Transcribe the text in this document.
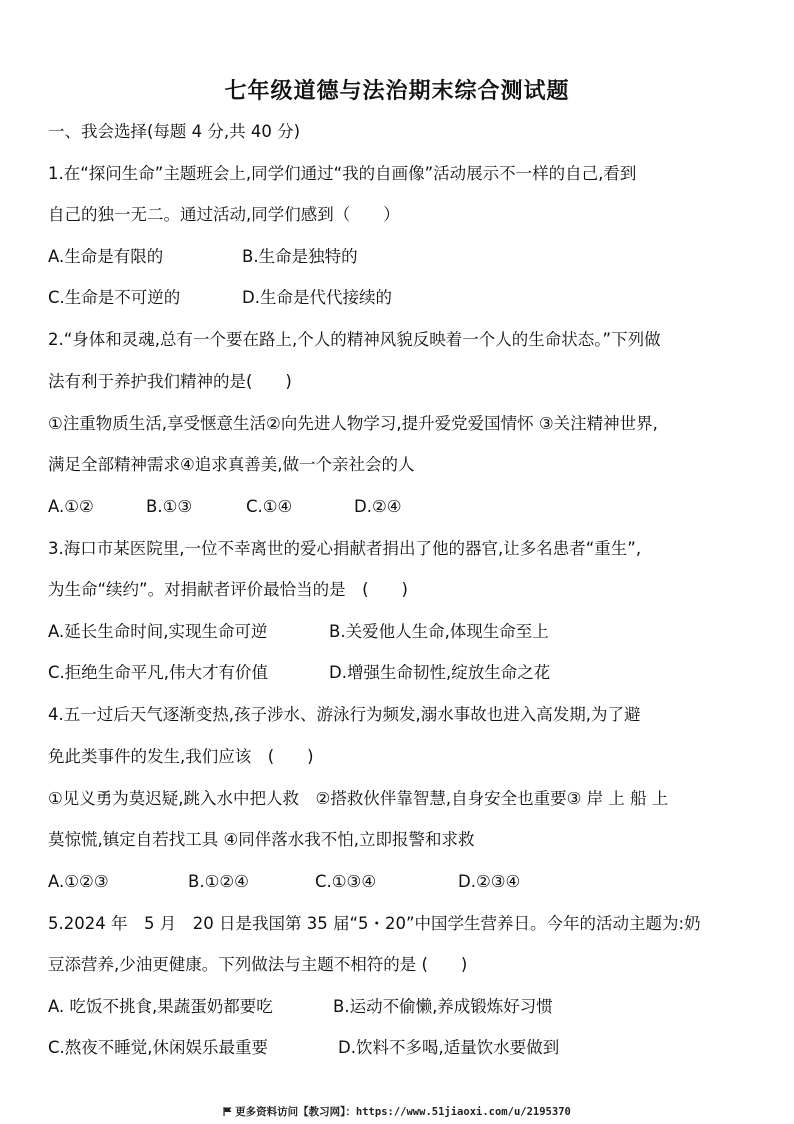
七年级道德与法治期末综合测试题
一、我会选择(每题 4 分,共 40 分)
1.在“探问生命”主题班会上,同学们通过“我的自画像”活动展示不一样的自己,看到
自己的独一无二。通过活动,同学们感到（　　）
A.生命是有限的	B.生命是独特的
C.生命是不可逆的	D.生命是代代接续的
2.“身体和灵魂,总有一个要在路上,个人的精神风貌反映着一个人的生命状态。”下列做
法有利于养护我们精神的是(　　)
①注重物质生活,享受惬意生活②向先进人物学习,提升爱党爱国情怀 ③关注精神世界,
满足全部精神需求④追求真善美,做一个亲社会的人
A.①②	B.①③	C.①④	D.②④
3.海口市某医院里,一位不幸离世的爱心捐献者捐出了他的器官,让多名患者“重生”,
为生命“续约”。对捐献者评价最恰当的是　(　　)
A.延长生命时间,实现生命可逆	B.关爱他人生命,体现生命至上
C.拒绝生命平凡,伟大才有价值	D.增强生命韧性,绽放生命之花
4.五一过后天气逐渐变热,孩子涉水、游泳行为频发,溺水事故也进入高发期,为了避
免此类事件的发生,我们应该　(　　)
①见义勇为莫迟疑,跳入水中把人救　②搭救伙伴靠智慧,自身安全也重要③ 岸 上 船 上
莫惊慌,镇定自若找工具 ④同伴落水我不怕,立即报警和求救
A.①②③	B.①②④	C.①③④	D.②③④
5.2024 年　5 月　20 日是我国第 35 届“5・20”中国学生营养日。今年的活动主题为:奶
豆添营养,少油更健康。下列做法与主题不相符的是 (　　)
A. 吃饭不挑食,果蔬蛋奶都要吃	B.运动不偷懒,养成锻炼好习惯
C.熬夜不睡觉,休闲娱乐最重要	D.饮料不多喝,适量饮水要做到
更多资料访问【教习网】：https://www.51jiaoxi.com/u/2195370
